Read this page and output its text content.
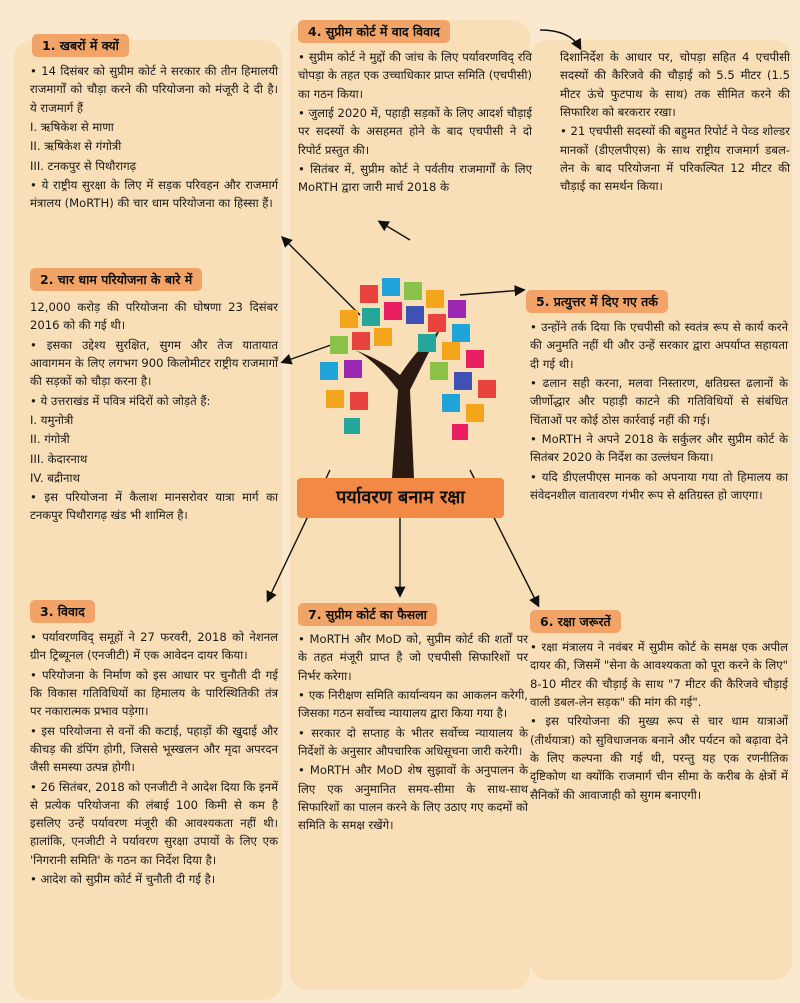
पर्यावरण बनाम रक्षा
1. खबरों में क्यों

• 14 दिसंबर को सुप्रीम कोर्ट ने सरकार की तीन हिमालयी राजमार्गों को चौड़ा करने की परियोजना को मंजूरी दे दी है। ये राजमार्ग हैं

I. ऋषिकेश से माणा

II. ऋषिकेश से गंगोत्री

III. टनकपुर से पिथौरागढ़

• ये राष्ट्रीय सुरक्षा के लिए में सड़क परिवहन और राजमार्ग मंत्रालय (MoRTH) की चार धाम परियोजना का हिस्सा हैं।

2. चार धाम परियोजना के बारे में

12,000 करोड़ की परियोजना की घोषणा 23 दिसंबर 2016 को की गई थी।

• इसका उद्देश्य सुरक्षित, सुगम और तेज यातायात आवागमन के लिए लगभग 900 किलोमीटर राष्ट्रीय राजमार्गों की सड़कों को चौड़ा करना है।

• ये उत्तराखंड में पवित्र मंदिरों को जोड़ते हैं:

I. यमुनोत्री

II. गंगोत्री

III. केदारनाथ

IV. बद्रीनाथ

• इस परियोजना में कैलाश मानसरोवर यात्रा मार्ग का टनकपुर पिथौरागढ़ खंड भी शामिल है।

3. विवाद

• पर्यावरणविद् समूहों ने 27 फरवरी, 2018 को नेशनल ग्रीन ट्रिब्यूनल (एनजीटी) में एक आवेदन दायर किया।

• परियोजना के निर्माण को इस आधार पर चुनौती दी गई कि विकास गतिविधियों का हिमालय के पारिस्थितिकी तंत्र पर नकारात्मक प्रभाव पड़ेगा।

• इस परियोजना से वनों की कटाई, पहाड़ों की खुदाई और कीचड़ की डंपिंग होगी, जिससे भूस्खलन और मृदा अपरदन जैसी समस्या उत्पन्न होगी।

• 26 सितंबर, 2018 को एनजीटी ने आदेश दिया कि इनमें से प्रत्येक परियोजना की लंबाई 100 किमी से कम है इसलिए उन्हें पर्यावरण मंजूरी की आवश्यकता नहीं थी। हालांकि, एनजीटी ने पर्यावरण सुरक्षा उपायों के लिए एक 'निगरानी समिति' के गठन का निर्देश दिया है।

• आदेश को सुप्रीम कोर्ट में चुनौती दी गई है।

4. सुप्रीम कोर्ट में वाद विवाद

• सुप्रीम कोर्ट ने मुद्दों की जांच के लिए पर्यावरणविद् रवि चोपड़ा के तहत एक उच्चाधिकार प्राप्त समिति (एचपीसी) का गठन किया।

• जुलाई 2020 में, पहाड़ी सड़कों के लिए आदर्श चौड़ाई पर सदस्यों के असहमत होने के बाद एचपीसी ने दो रिपोर्ट प्रस्तुत की।

• सितंबर में, सुप्रीम कोर्ट ने पर्वतीय राजमार्गों के लिए MoRTH द्वारा जारी मार्च 2018 के

दिशानिर्देश के आधार पर, चोपड़ा सहित 4 एचपीसी सदस्यों की कैरिजवे की चौड़ाई को 5.5 मीटर (1.5 मीटर ऊंचे फुटपाथ के साथ) तक सीमित करने की सिफारिश को बरकरार रखा।

• 21 एचपीसी सदस्यों की बहुमत रिपोर्ट ने पेव्ड शोल्डर मानकों (डीएलपीएस) के साथ राष्ट्रीय राजमार्ग डबल-लेन के बाद परियोजना में परिकल्पित 12 मीटर की चौड़ाई का समर्थन किया।

5. प्रत्युत्तर में दिए गए तर्क

• उन्होंने तर्क दिया कि एचपीसी को स्वतंत्र रूप से कार्य करने की अनुमति नहीं थी और उन्हें सरकार द्वारा अपर्याप्त सहायता दी गई थी।

• ढलान सही करना, मलवा निस्तारण, क्षतिग्रस्त ढलानों के जीर्णोद्धार और पहाड़ी काटने की गतिविधियों से संबंधित चिंताओं पर कोई ठोस कार्रवाई नहीं की गई।

• MoRTH ने अपने 2018 के सर्कुलर और सुप्रीम कोर्ट के सितंबर 2020 के निर्देश का उल्लंघन किया।

• यदि डीएलपीएस मानक को अपनाया गया तो हिमालय का संवेदनशील वातावरण गंभीर रूप से क्षतिग्रस्त हो जाएगा।

6. रक्षा जरूरतें

• रक्षा मंत्रालय ने नवंबर में सुप्रीम कोर्ट के समक्ष एक अपील दायर की, जिसमें "सेना के आवश्यकता को पूरा करने के लिए" 8-10 मीटर की चौड़ाई के साथ "7 मीटर की कैरिजवे चौड़ाई वाली डबल-लेन सड़क" की मांग की गई".

• इस परियोजना की मुख्य रूप से चार धाम यात्राओं (तीर्थयात्रा) को सुविधाजनक बनाने और पर्यटन को बढ़ावा देने के लिए कल्पना की गई थी, परन्तु यह एक रणनीतिक दृष्टिकोण था क्योंकि राजमार्ग चीन सीमा के करीब के क्षेत्रों में सैनिकों की आवाजाही को सुगम बनाएगी।

7. सुप्रीम कोर्ट का फैसला

• MoRTH और MoD को, सुप्रीम कोर्ट की शर्तों पर के तहत मंजूरी प्राप्त है जो एचपीसी सिफारिशों पर निर्भर करेगा।

• एक निरीक्षण समिति कार्यान्वयन का आकलन करेगी, जिसका गठन सर्वोच्च न्यायालय द्वारा किया गया है।

• सरकार दो सप्ताह के भीतर सर्वोच्च न्यायालय के निर्देशों के अनुसार औपचारिक अधिसूचना जारी करेगी।

• MoRTH और MoD शेष सुझावों के अनुपालन के लिए एक अनुमानित समय-सीमा के साथ-साथ सिफारिशों का पालन करने के लिए उठाए गए कदमों को समिति के समक्ष रखेंगे।
